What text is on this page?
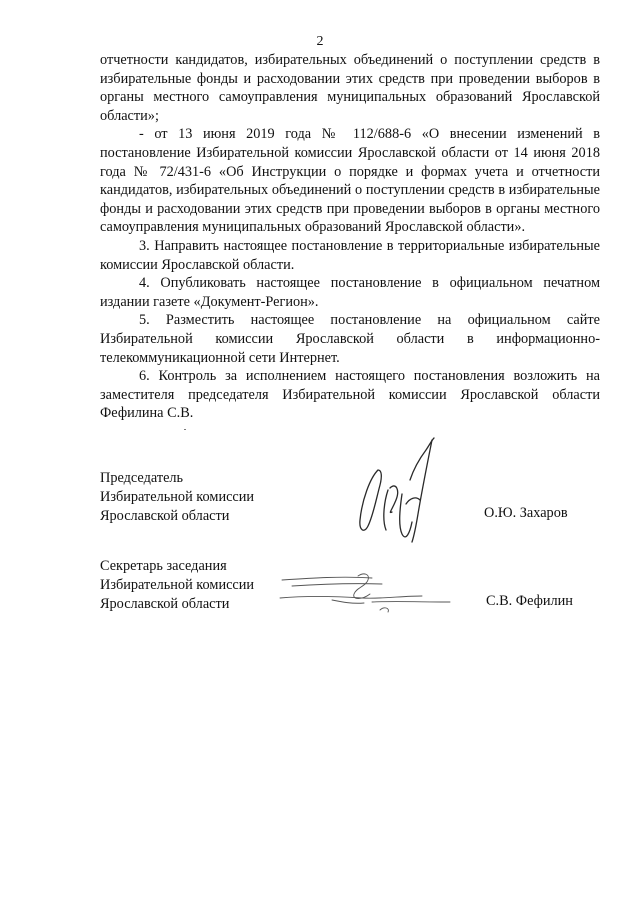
2

отчетности кандидатов, избирательных объединений о поступлении средств в избирательные фонды и расходовании этих средств при проведении выборов в органы местного самоуправления муниципальных образований Ярославской области»;

- от 13 июня 2019 года № 112/688-6 «О внесении изменений в постановление Избирательной комиссии Ярославской области от 14 июня 2018 года № 72/431-6 «Об Инструкции о порядке и формах учета и отчетности кандидатов, избирательных объединений о поступлении средств в избирательные фонды и расходовании этих средств при проведении выборов в органы местного самоуправления муниципальных образований Ярославской области».

3. Направить настоящее постановление в территориальные избирательные комиссии Ярославской области.

4. Опубликовать настоящее постановление в официальном печатном издании газете «Документ-Регион».

5. Разместить настоящее постановление на официальном сайте Избирательной комиссии Ярославской области в информационно-телекоммуникационной сети Интернет.

6. Контроль за исполнением настоящего постановления возложить на заместителя председателя Избирательной комиссии Ярославской области Фефилина С.В.

Председатель
Избирательной комиссии
Ярославской области	О.Ю. Захаров
Секретарь заседания
Избирательной комиссии
Ярославской области	С.В. Фефилин
